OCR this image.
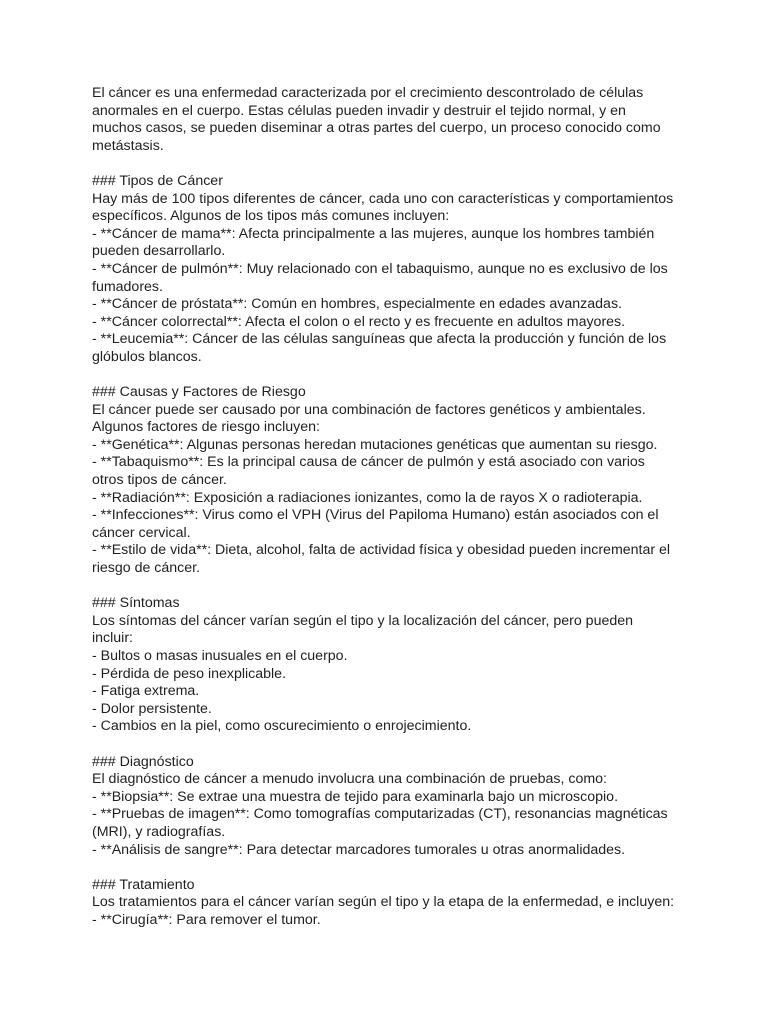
El cáncer es una enfermedad caracterizada por el crecimiento descontrolado de células
anormales en el cuerpo. Estas células pueden invadir y destruir el tejido normal, y en
muchos casos, se pueden diseminar a otras partes del cuerpo, un proceso conocido como
metástasis.
### Tipos de Cáncer
Hay más de 100 tipos diferentes de cáncer, cada uno con características y comportamientos
específicos. Algunos de los tipos más comunes incluyen:
- **Cáncer de mama**: Afecta principalmente a las mujeres, aunque los hombres también
pueden desarrollarlo.
- **Cáncer de pulmón**: Muy relacionado con el tabaquismo, aunque no es exclusivo de los
fumadores.
- **Cáncer de próstata**: Común en hombres, especialmente en edades avanzadas.
- **Cáncer colorrectal**: Afecta el colon o el recto y es frecuente en adultos mayores.
- **Leucemia**: Cáncer de las células sanguíneas que afecta la producción y función de los
glóbulos blancos.
### Causas y Factores de Riesgo
El cáncer puede ser causado por una combinación de factores genéticos y ambientales.
Algunos factores de riesgo incluyen:
- **Genética**: Algunas personas heredan mutaciones genéticas que aumentan su riesgo.
- **Tabaquismo**: Es la principal causa de cáncer de pulmón y está asociado con varios
otros tipos de cáncer.
- **Radiación**: Exposición a radiaciones ionizantes, como la de rayos X o radioterapia.
- **Infecciones**: Virus como el VPH (Virus del Papiloma Humano) están asociados con el
cáncer cervical.
- **Estilo de vida**: Dieta, alcohol, falta de actividad física y obesidad pueden incrementar el
riesgo de cáncer.
### Síntomas
Los síntomas del cáncer varían según el tipo y la localización del cáncer, pero pueden
incluir:
- Bultos o masas inusuales en el cuerpo.
- Pérdida de peso inexplicable.
- Fatiga extrema.
- Dolor persistente.
- Cambios en la piel, como oscurecimiento o enrojecimiento.
### Diagnóstico
El diagnóstico de cáncer a menudo involucra una combinación de pruebas, como:
- **Biopsia**: Se extrae una muestra de tejido para examinarla bajo un microscopio.
- **Pruebas de imagen**: Como tomografías computarizadas (CT), resonancias magnéticas
(MRI), y radiografías.
- **Análisis de sangre**: Para detectar marcadores tumorales u otras anormalidades.
### Tratamiento
Los tratamientos para el cáncer varían según el tipo y la etapa de la enfermedad, e incluyen:
- **Cirugía**: Para remover el tumor.
